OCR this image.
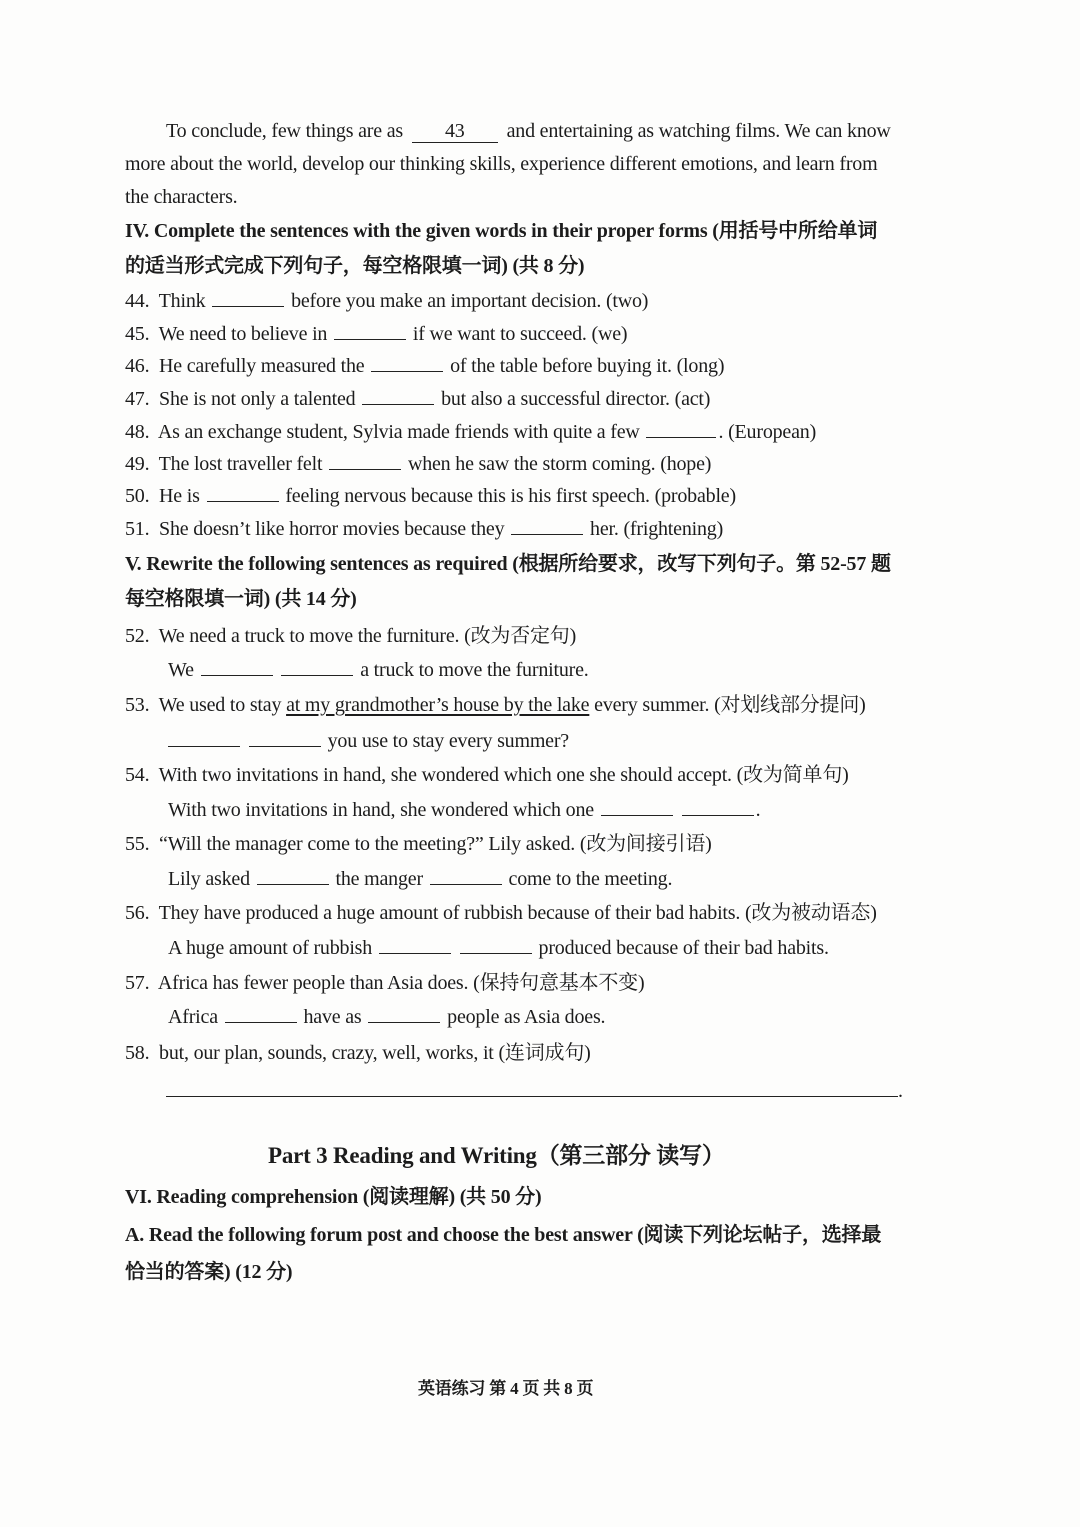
To conclude, few things are as 43 and entertaining as watching films. We can know
more about the world, develop our thinking skills, experience different emotions, and learn from
the characters.
IV. Complete the sentences with the given words in their proper forms (用括号中所给单词
的适当形式完成下列句子，每空格限填一词) (共 8 分)
44. Think	before you make an important decision. (two)
45. We need to believe in	if we want to succeed. (we)
46. He carefully measured the	of the table before buying it. (long)
47. She is not only a talented	but also a successful director. (act)
48. As an exchange student, Sylvia made friends with quite a few	. (European)
49. The lost traveller felt	when he saw the storm coming. (hope)
50. He is	feeling nervous because this is his first speech. (probable)
51. She doesn’t like horror movies because they	her. (frightening)
V. Rewrite the following sentences as required (根据所给要求，改写下列句子。第 52-57 题
每空格限填一词) (共 14 分)
52. We need a truck to move the furniture. (改为否定句)
We	a truck to move the furniture.
53. We used to stay at my grandmother’s house by the lake every summer. (对划线部分提问)
you use to stay every summer?
54. With two invitations in hand, she wondered which one she should accept. (改为简单句)
With two invitations in hand, she wondered which one	.
55. “Will the manager come to the meeting?” Lily asked. (改为间接引语)
Lily asked	the manger	come to the meeting.
56. They have produced a huge amount of rubbish because of their bad habits. (改为被动语态)
A huge amount of rubbish	produced because of their bad habits.
57. Africa has fewer people than Asia does. (保持句意基本不变)
Africa	have as	people as Asia does.
58. but, our plan, sounds, crazy, well, works, it (连词成句)
.
Part 3 Reading and Writing（第三部分 读写）
VI. Reading comprehension (阅读理解) (共 50 分)
A. Read the following forum post and choose the best answer (阅读下列论坛帖子，选择最
恰当的答案) (12 分)
英语练习 第 4 页 共 8 页
